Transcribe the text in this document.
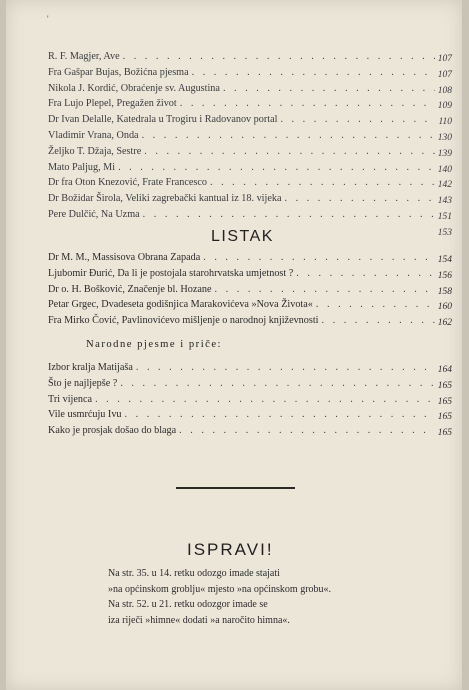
'
R. F. Magjer, Ave . . .	107
Fra Gašpar Bujas, Božićna pjesma . . .	107
Nikola J. Kordić, Obraćenje sv. Augustina . . .	108
Fra Lujo Plepel, Pregažen život . . .	109
Dr Ivan Delalle, Katedrala u Trogiru i Radovanov portal . . .	110
Vladimir Vrana, Onda . . .	130
Željko T. Džaja, Sestre . . .	139
Mato Paljug, Mi . . .	140
Dr fra Oton Knezović, Frate Francesco . . .	142
Dr Božidar Širola, Veliki zagrebački kantual iz 18. vijeka . . .	143
Pere Dulčić, Na Uzma . . .	151
153
LISTAK
Dr M. M., Massisova Obrana Zapada . . .	154
Ljubomir Đurić, Da li je postojala starohrvatska umjetnost ? . . .	156
Dr o. H. Bošković, Značenje bl. Hozane . . .	158
Petar Grgec, Dvadeseta godišnjica Marakovićeva »Nova Života« . . .	160
Fra Mirko Čović, Pavlinovićevo mišljenje o narodnoj književnosti . . .	162
Narodne pjesme i priče:
Izbor kralja Matijaša . . .	164
Što je najljepše ? . . .	165
Tri vijenca . . .	165
Vile usmrćuju Ivu . . .	165
Kako je prosjak došao do blaga . . .	165
ISPRAVI!
Na str. 35. u 14. retku odozgo imade stajati
»na općinskom groblju« mjesto »na općinskom grobu«.
Na str. 52. u 21. retku odozgor imade se
iza riječi »himne« dodati »a naročito himna«.
